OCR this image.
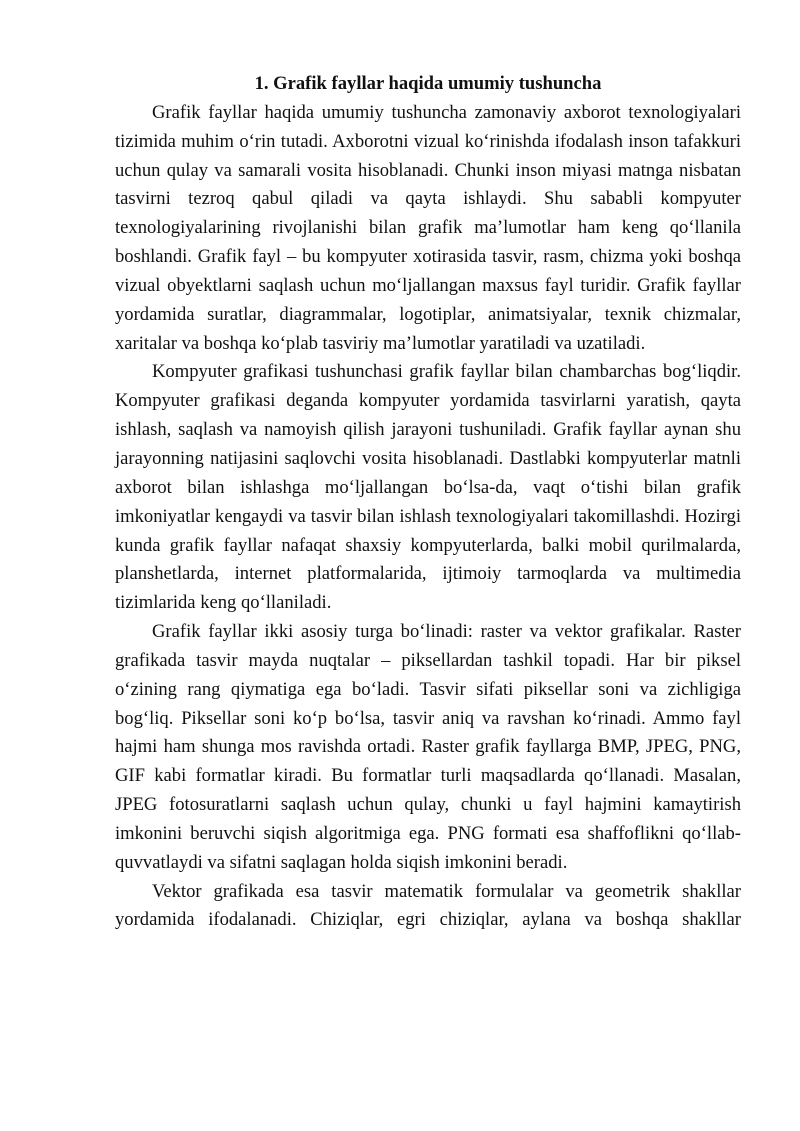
1. Grafik fayllar haqida umumiy tushuncha

Grafik fayllar haqida umumiy tushuncha zamonaviy axborot texnologiyalari tizimida muhim o‘rin tutadi. Axborotni vizual ko‘rinishda ifodalash inson tafakkuri uchun qulay va samarali vosita hisoblanadi. Chunki inson miyasi matnga nisbatan tasvirni tezroq qabul qiladi va qayta ishlaydi. Shu sababli kompyuter texnologiyalarining rivojlanishi bilan grafik ma’lumotlar ham keng qo‘llanila boshlandi. Grafik fayl – bu kompyuter xotirasida tasvir, rasm, chizma yoki boshqa vizual obyektlarni saqlash uchun mo‘ljallangan maxsus fayl turidir. Grafik fayllar yordamida suratlar, diagrammalar, logotiplar, animatsiyalar, texnik chizmalar, xaritalar va boshqa ko‘plab tasviriy ma’lumotlar yaratiladi va uzatiladi.

Kompyuter grafikasi tushunchasi grafik fayllar bilan chambarchas bog‘liqdir. Kompyuter grafikasi deganda kompyuter yordamida tasvirlarni yaratish, qayta ishlash, saqlash va namoyish qilish jarayoni tushuniladi. Grafik fayllar aynan shu jarayonning natijasini saqlovchi vosita hisoblanadi. Dastlabki kompyuterlar matnli axborot bilan ishlashga mo‘ljallangan bo‘lsa-da, vaqt o‘tishi bilan grafik imkoniyatlar kengaydi va tasvir bilan ishlash texnologiyalari takomillashdi. Hozirgi kunda grafik fayllar nafaqat shaxsiy kompyuterlarda, balki mobil qurilmalarda, planshetlarda, internet platformalarida, ijtimoiy tarmoqlarda va multimedia tizimlarida keng qo‘llaniladi.

Grafik fayllar ikki asosiy turga bo‘linadi: raster va vektor grafikalar. Raster grafikada tasvir mayda nuqtalar – piksellardan tashkil topadi. Har bir piksel o‘zining rang qiymatiga ega bo‘ladi. Tasvir sifati piksellar soni va zichligiga bog‘liq. Piksellar soni ko‘p bo‘lsa, tasvir aniq va ravshan ko‘rinadi. Ammo fayl hajmi ham shunga mos ravishda ortadi. Raster grafik fayllarga BMP, JPEG, PNG, GIF kabi formatlar kiradi. Bu formatlar turli maqsadlarda qo‘llanadi. Masalan, JPEG fotosuratlarni saqlash uchun qulay, chunki u fayl hajmini kamaytirish imkonini beruvchi siqish algoritmiga ega. PNG formati esa shaffoflikni qo‘llab-quvvatlaydi va sifatni saqlagan holda siqish imkonini beradi.

Vektor grafikada esa tasvir matematik formulalar va geometrik shakllar yordamida ifodalanadi. Chiziqlar, egri chiziqlar, aylana va boshqa shakllar
